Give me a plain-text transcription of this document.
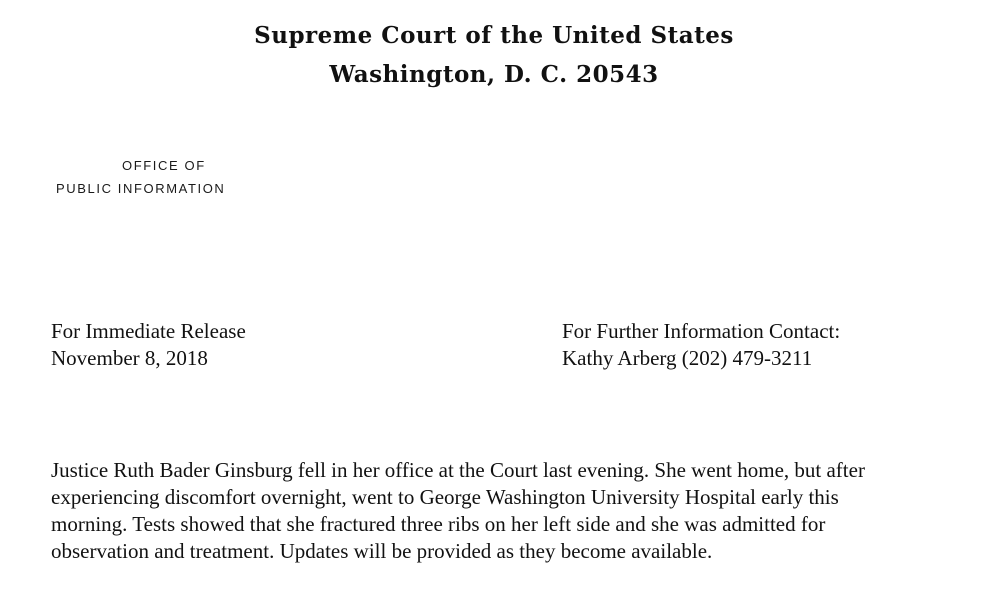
Supreme Court of the United States
Washington, D. C. 20543
OFFICE OF
PUBLIC INFORMATION
For Immediate Release
November 8, 2018
For Further Information Contact:
Kathy Arberg (202) 479-3211

Justice Ruth Bader Ginsburg fell in her office at the Court last evening. She went home, but after
experiencing discomfort overnight, went to George Washington University Hospital early this
morning. Tests showed that she fractured three ribs on her left side and she was admitted for
observation and treatment. Updates will be provided as they become available.
